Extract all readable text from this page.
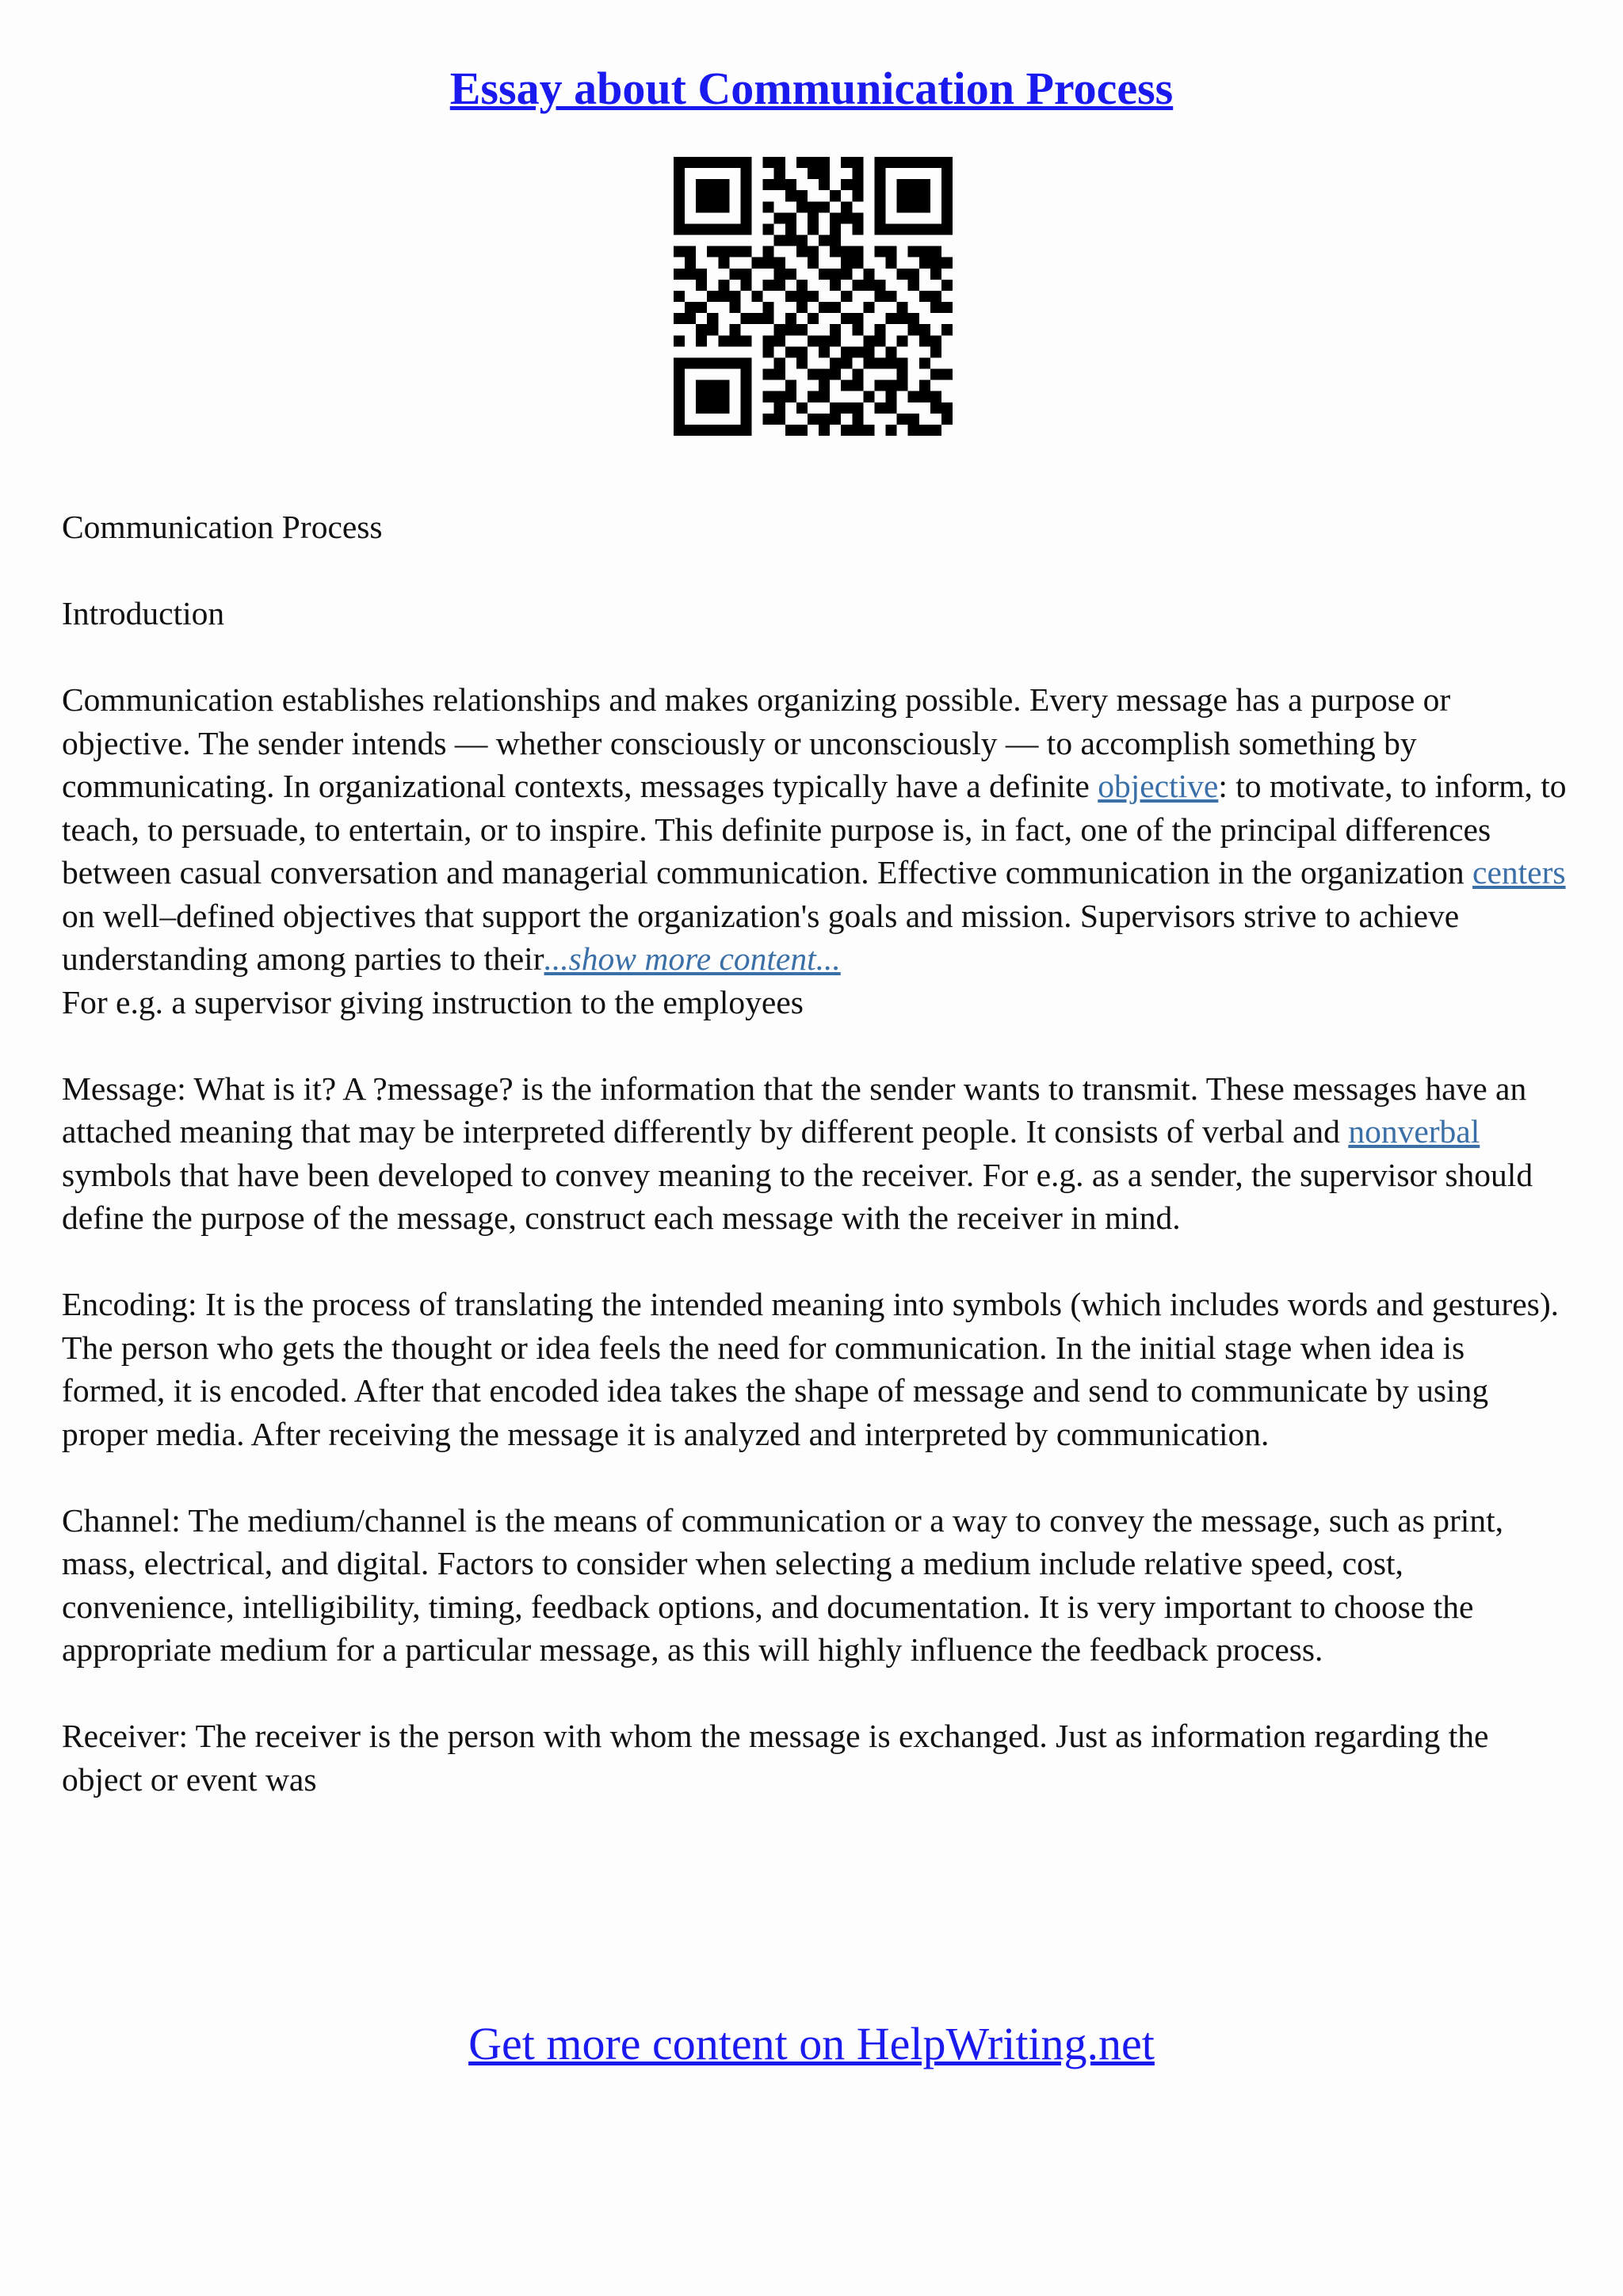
Essay about Communication Process

Communication Process

Introduction

Communication establishes relationships and makes organizing possible. Every message has a purpose or objective. The sender intends — whether consciously or unconsciously — to accomplish something by communicating. In organizational contexts, messages typically have a definite objective: to motivate, to inform, to teach, to persuade, to entertain, or to inspire. This definite purpose is, in fact, one of the principal differences between casual conversation and managerial communication. Effective communication in the organization centers on well–defined objectives that support the organization's goals and mission. Supervisors strive to achieve understanding among parties to their...show more content...

For e.g. a supervisor giving instruction to the employees

Message: What is it? A ?message? is the information that the sender wants to transmit. These messages have an attached meaning that may be interpreted differently by different people. It consists of verbal and nonverbal symbols that have been developed to convey meaning to the receiver. For e.g. as a sender, the supervisor should define the purpose of the message, construct each message with the receiver in mind.

Encoding: It is the process of translating the intended meaning into symbols (which includes words and gestures). The person who gets the thought or idea feels the need for communication. In the initial stage when idea is formed, it is encoded. After that encoded idea takes the shape of message and send to communicate by using proper media. After receiving the message it is analyzed and interpreted by communication.

Channel: The medium/channel is the means of communication or a way to convey the message, such as print, mass, electrical, and digital. Factors to consider when selecting a medium include relative speed, cost, convenience, intelligibility, timing, feedback options, and documentation. It is very important to choose the appropriate medium for a particular message, as this will highly influence the feedback process.

Receiver: The receiver is the person with whom the message is exchanged. Just as information regarding the object or event was

Get more content on HelpWriting.net
